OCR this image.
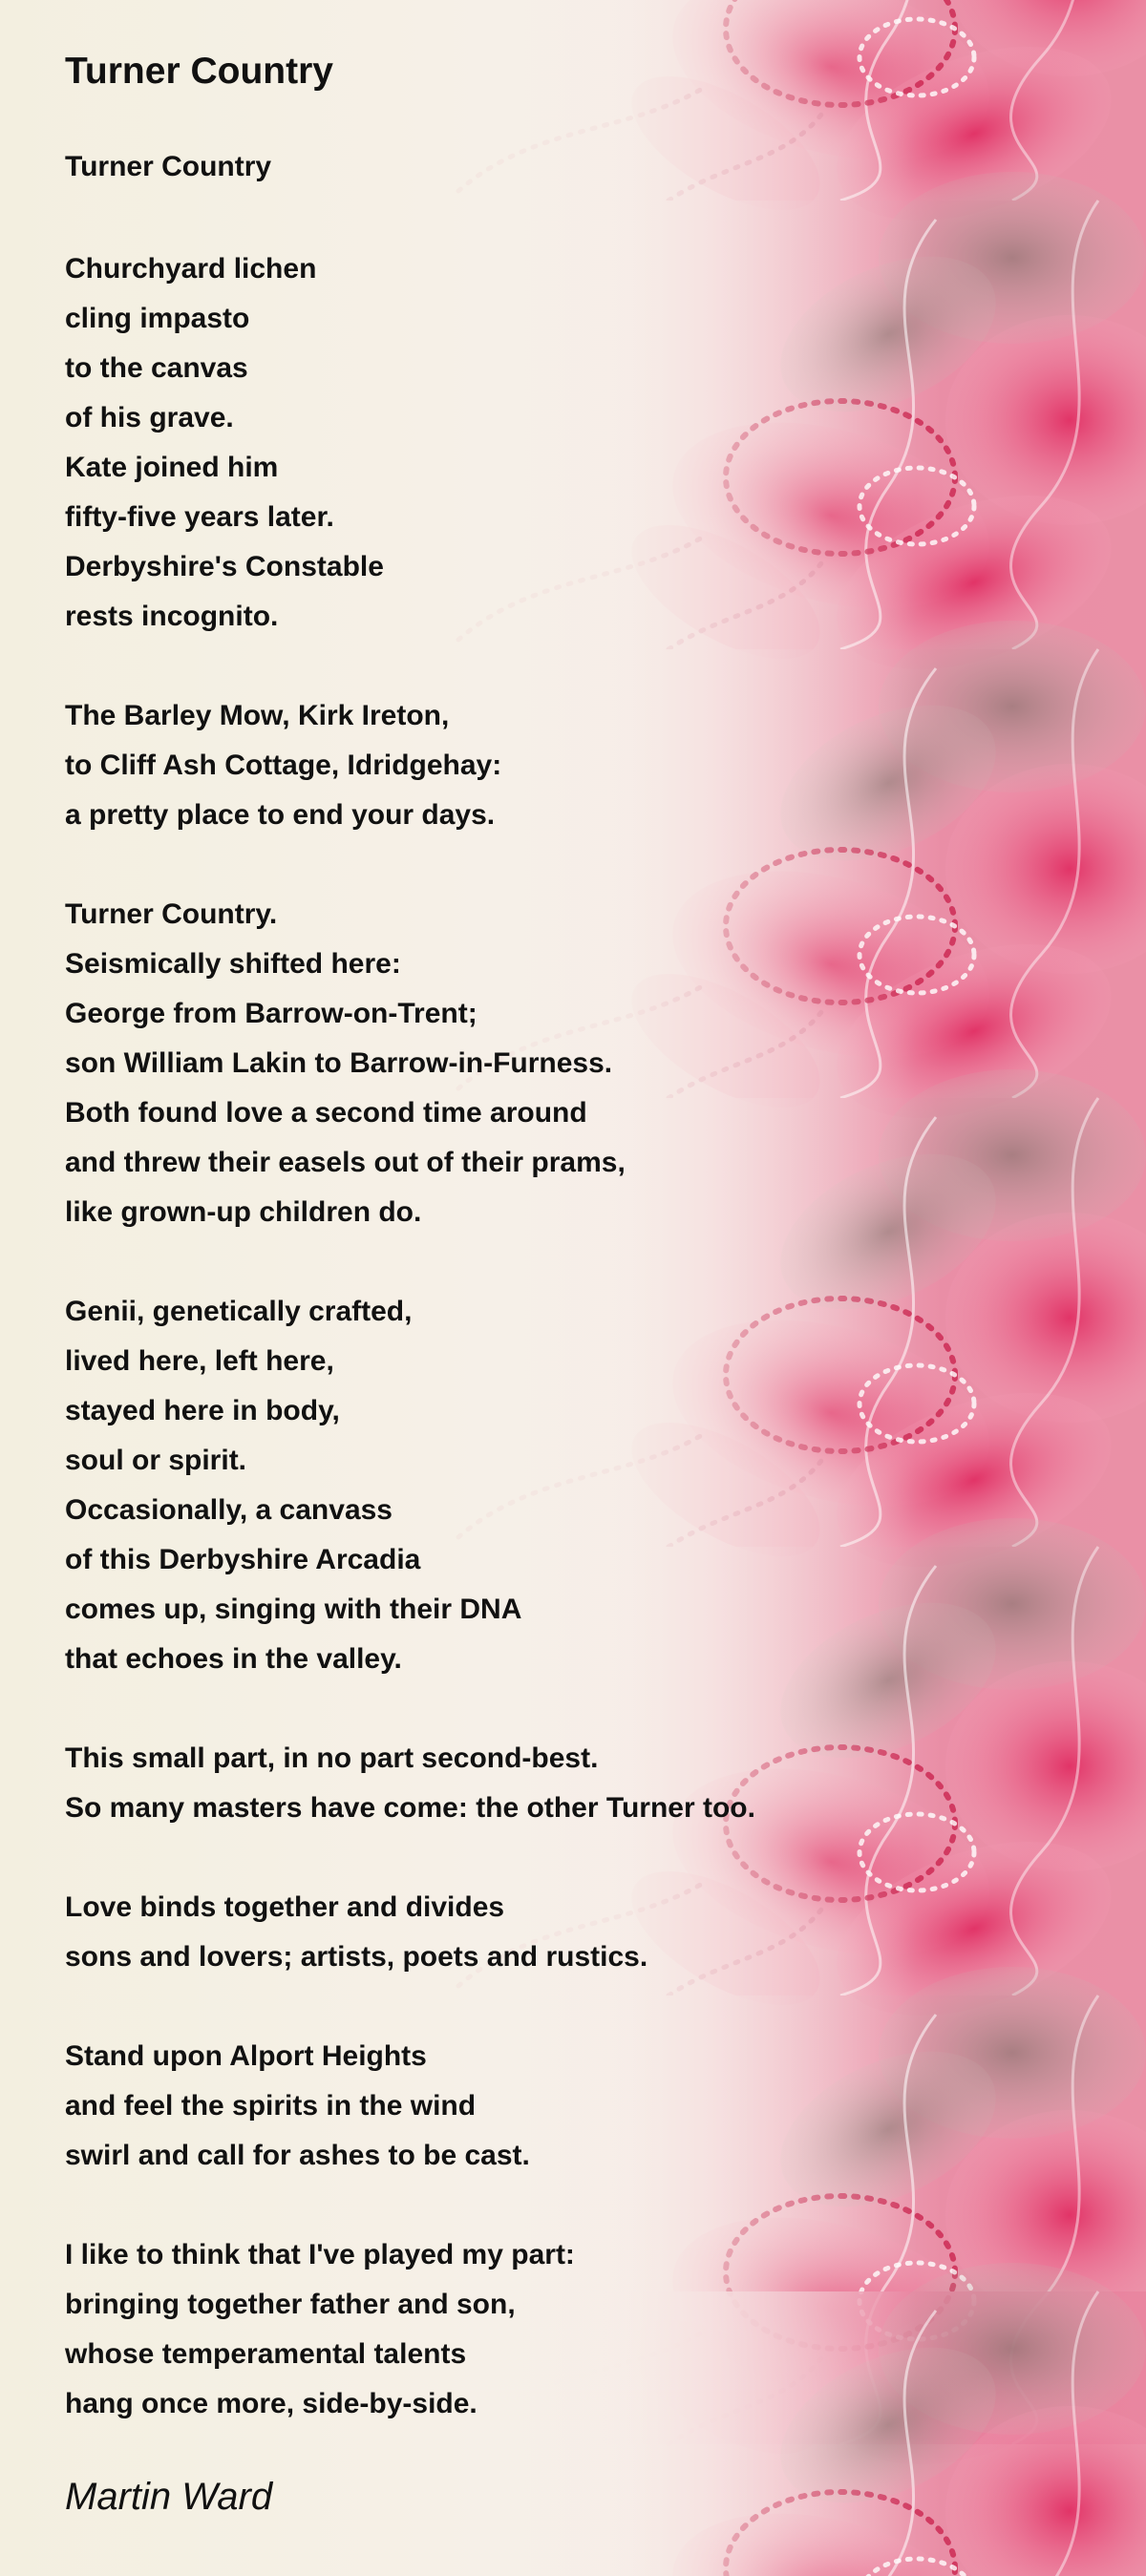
Turner Country
Turner Country
Churchyard lichen
cling impasto
to the canvas
of his grave.
Kate joined him
fifty-five years later.
Derbyshire's Constable
rests incognito.
The Barley Mow, Kirk Ireton,
to Cliff Ash Cottage, Idridgehay:
a pretty place to end your days.
Turner Country.
Seismically shifted here:
George from Barrow-on-Trent;
son William Lakin to Barrow-in-Furness.
Both found love a second time around
and threw their easels out of their prams,
like grown-up children do.
Genii, genetically crafted,
lived here, left here,
stayed here in body,
soul or spirit.
Occasionally, a canvass
of this Derbyshire Arcadia
comes up, singing with their DNA
that echoes in the valley.
This small part, in no part second-best.
So many masters have come: the other Turner too.
Love binds together and divides
sons and lovers; artists, poets and rustics.
Stand upon Alport Heights
and feel the spirits in the wind
swirl and call for ashes to be cast.
I like to think that I've played my part:
bringing together father and son,
whose temperamental talents
hang once more, side-by-side.
Martin Ward
